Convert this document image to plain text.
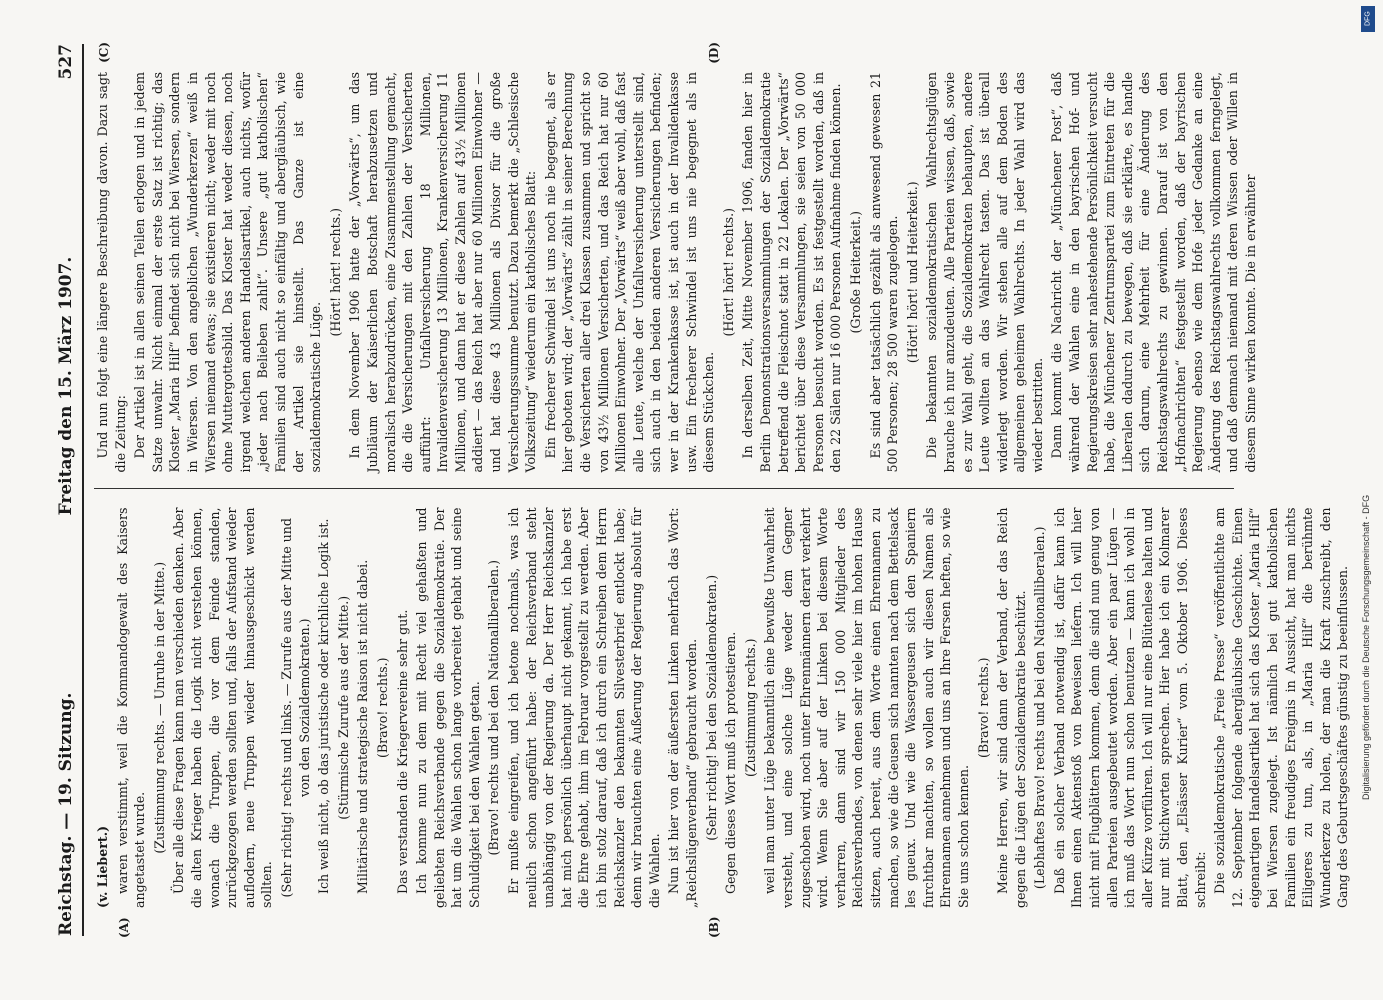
Reichstag. — 19. Sitzung.
Freitag den 15. März 1907.
527
(A)	(B)

(v. Liebert.) waren verstimmt, weil die Kommandogewalt des Kaisers angetastet wurde. (Zustimmung rechts. — Unruhe in der Mitte.) Über alle diese Fragen kann man verschieden denken. Aber die alten Krieger haben die Logik nicht verstehen können, wonach die Truppen, die vor dem Feinde standen, zurückgezogen werden sollten und, falls der Aufstand wieder auflodern, neue Truppen wieder hinausgeschickt werden sollten. (Sehr richtig! rechts und links. — Zurufe aus der Mitte und von den Sozialdemokraten.) Ich weiß nicht, ob das juristische oder kirchliche Logik ist. (Stürmische Zurufe aus der Mitte.) Militärische und strategische Raison ist nicht dabei. (Bravo! rechts.) Das verstanden die Kriegervereine sehr gut. Ich komme nun zu dem mit Recht viel gehaßten und geliebten Reichsverbande gegen die Sozialdemokratie. Der hat um die Wahlen schon lange vorbereitet gehabt und seine Schuldigkeit bei den Wahlen getan. (Bravo! rechts und bei den Nationalliberalen.) Er mußte eingreifen, und ich betone nochmals, was ich neulich schon angeführt habe: der Reichsverband steht unabhängig von der Regierung da. Der Herr Reichskanzler hat mich persönlich überhaupt nicht gekannt, ich habe erst die Ehre gehabt, ihm im Februar vorgestellt zu werden. Aber ich bin stolz darauf, daß ich durch ein Schreiben dem Herrn Reichskanzler den bekannten Silvesterbrief entlockt habe; denn wir brauchten eine Äußerung der Regierung absolut für die Wahlen. Nun ist hier von der äußersten Linken mehrfach das Wort: „Reichslügenverband“ gebraucht worden. (Sehr richtig! bei den Sozialdemokraten.) Gegen dieses Wort muß ich protestieren. (Zustimmung rechts.) weil man unter Lüge bekanntlich eine bewußte Unwahrheit versteht, und eine solche Lüge weder dem Gegner zugeschoben wird, noch unter Ehrenmännern derart verkehrt wird. Wenn Sie aber auf der Linken bei diesem Worte verharren, dann sind wir 150 000 Mitglieder des Reichsverbandes, von denen sehr viele hier im hohen Hause sitzen, auch bereit, aus dem Worte einen Ehrennamen zu machen, so wie die Geusen sich nannten nach dem Bettelsack les gueux. Und wie die Wassergeusen sich den Spaniern furchtbar machten, so wollen auch wir diesen Namen als Ehrennamen annehmen und uns an Ihre Fersen heften, so wie Sie uns schon kennen.

(Bravo! rechts.) Meine Herren, wir sind dann der Verband, der das Reich gegen die Lügen der Sozialdemokratie beschützt. (Lebhaftes Bravo! rechts und bei den Nationalliberalen.) Daß ein solcher Verband notwendig ist, dafür kann ich Ihnen einen Aktenstoß von Beweisen liefern. Ich will hier nicht mit Flugblättern kommen, denn die sind nun genug von allen Parteien ausgebeutet worden. Aber ein paar Lügen — ich muß das Wort nun schon benutzen — kann ich wohl in aller Kürze vorführen. Ich will nur eine Blütenlese halten und nur mit Stichworten sprechen. Hier habe ich ein Kolmarer Blatt, den „Elsässer Kurier“ vom 5. Oktober 1906. Dieses schreibt: Die sozialdemokratische „Freie Presse“ veröffentlichte am 12. September folgende abergläubische Geschichte. Einen eigenartigen Handelsartikel hat sich das Kloster „Maria Hilf“ bei Wiersen zugelegt. Ist nämlich bei gut katholischen Familien ein freudiges Ereignis in Aussicht, hat man nichts Eiligeres zu tun, als, in „Maria Hilf“ die berühmte Wunderkerze zu holen, der man die Kraft zuschreibt, den Gang des Geburtsgeschäftes günstig zu beeinflussen.

(C)	(D)

Und nun folgt eine längere Beschreibung davon. Dazu sagt die Zeitung: Der Artikel ist in allen seinen Teilen erlogen und in jedem Satze unwahr. Nicht einmal der erste Satz ist richtig; das Kloster „Maria Hilf“ befindet sich nicht bei Wiersen, sondern in Wiersen. Von den angeblichen „Wunderkerzen“ weiß in Wiersen niemand etwas; sie existieren nicht; weder mit noch ohne Muttergottesbild. Das Kloster hat weder diesen, noch irgend welchen anderen Handelsartikel, auch nichts, wofür „jeder nach Belieben zahlt“. Unsere „gut katholischen“ Familien sind auch nicht so einfältig und abergläubisch, wie der Artikel sie hinstellt. Das Ganze ist eine sozialdemokratische Lüge.

(Hört! hört! rechts.) In dem November 1906 hatte der „Vorwärts“, um das Jubiläum der Kaiserlichen Botschaft herabzusetzen und moralisch herabzudrücken, eine Zusammenstellung gemacht, die die Versicherungen mit den Zahlen der Versicherten aufführt: Unfallversicherung 18 Millionen, Invalidenversicherung 13 Millionen, Krankenversicherung 11 Millionen, und dann hat er diese Zahlen auf 43½ Millionen addiert — das Reich hat aber nur 60 Millionen Einwohner — und hat diese 43 Millionen als Divisor für die große Versicherungssumme benutzt. Dazu bemerkt die „Schlesische Volkszeitung“ wiederum ein katholisches Blatt: Ein frecherer Schwindel ist uns noch nie begegnet, als er hier geboten wird; der „Vorwärts“ zählt in seiner Berechnung die Versicherten aller drei Klassen zusammen und spricht so von 43½ Millionen Versicherten, und das Reich hat nur 60 Millionen Einwohner. Der „Vorwärts“ weiß aber wohl, daß fast alle Leute, welche der Unfallversicherung unterstellt sind, sich auch in den beiden anderen Versicherungen befinden; wer in der Krankenkasse ist, ist auch in der Invalidenkasse usw. Ein frecherer Schwindel ist uns nie begegnet als in diesem Stückchen.

(Hört! hört! rechts.) In derselben Zeit, Mitte November 1906, fanden hier in Berlin Demonstrationsversammlungen der Sozialdemokratie betreffend die Fleischnot statt in 22 Lokalen. Der „Vorwärts“ berichtet über diese Versammlungen, sie seien von 50 000 Personen besucht worden. Es ist festgestellt worden, daß in den 22 Sälen nur 16 000 Personen Aufnahme finden können. (Große Heiterkeit.) Es sind aber tatsächlich gezählt als anwesend gewesen 21 500 Personen; 28 500 waren zugelogen. (Hört! hört! und Heiterkeit.) Die bekannten sozialdemokratischen Wahlrechtsglügen brauche ich nur anzudeuten. Alle Parteien wissen, daß, sowie es zur Wahl geht, die Sozialdemokraten behaupten, andere Leute wollten an das Wahlrecht tasten. Das ist überall widerlegt worden. Wir stehen alle auf dem Boden des allgemeinen geheimen Wahlrechts. In jeder Wahl wird das wieder bestritten. Dann kommt die Nachricht der „Münchener Post“, daß während der Wahlen eine in den bayrischen Hof- und Regierungskreisen sehr nahestehende Persönlichkeit versucht habe, die Münchener Zentrumspartei zum Eintreten für die Liberalen dadurch zu bewegen, daß sie erklärte, es handle sich darum, eine Mehrheit für eine Änderung des Reichstagswahlrechts zu gewinnen. Darauf ist von den „Hofnachrichten“ festgestellt worden, daß der bayrischen Regierung ebenso wie dem Hofe jeder Gedanke an eine Änderung des Reichstagswahlrechts vollkommen ferngelegt, und daß demnach niemand mit deren Wissen oder Willen in diesem Sinne wirken konnte. Die in erwähnter

DFG
Digitalisierung gefördert durch die Deutsche Forschungsgemeinschaft - DFG
